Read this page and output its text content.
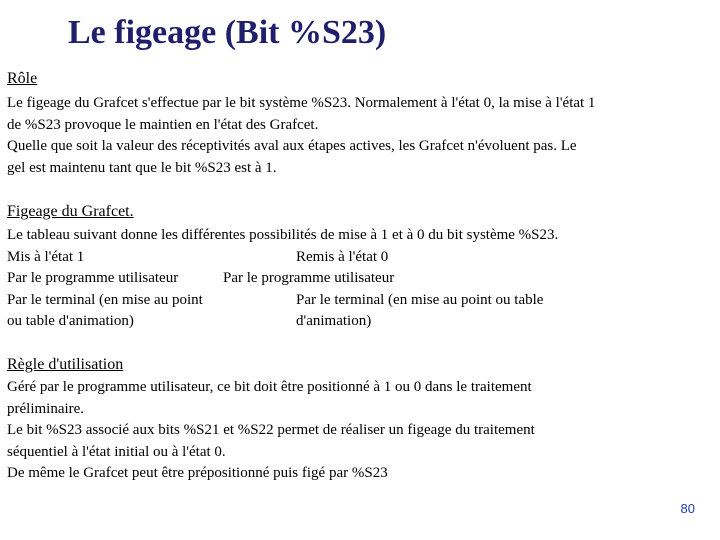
Le figeage (Bit %S23)
Rôle
Le figeage du Grafcet s'effectue par le bit système %S23. Normalement à l'état 0, la mise à l'état 1
de %S23 provoque le maintien en l'état des Grafcet.
Quelle que soit la valeur des réceptivités aval aux étapes actives, les Grafcet n'évoluent pas. Le
gel est maintenu tant que le bit %S23 est à 1.
Figeage du Grafcet.
Le tableau suivant donne les différentes possibilités de mise à 1 et à 0 du bit système %S23.
Mis à l'état 1	Remis à l'état 0
Par le programme utilisateur	Par le programme utilisateur
Par le terminal (en mise au point	Par le terminal (en mise au point ou table
ou table d'animation)	d'animation)
Règle d'utilisation
Géré par le programme utilisateur, ce bit doit être positionné à 1 ou 0 dans le traitement
préliminaire.
Le bit %S23 associé aux bits %S21 et %S22 permet de réaliser un figeage du traitement
séquentiel à l'état initial ou à l'état 0.
De même le Grafcet peut être prépositionné puis figé par %S23
80
